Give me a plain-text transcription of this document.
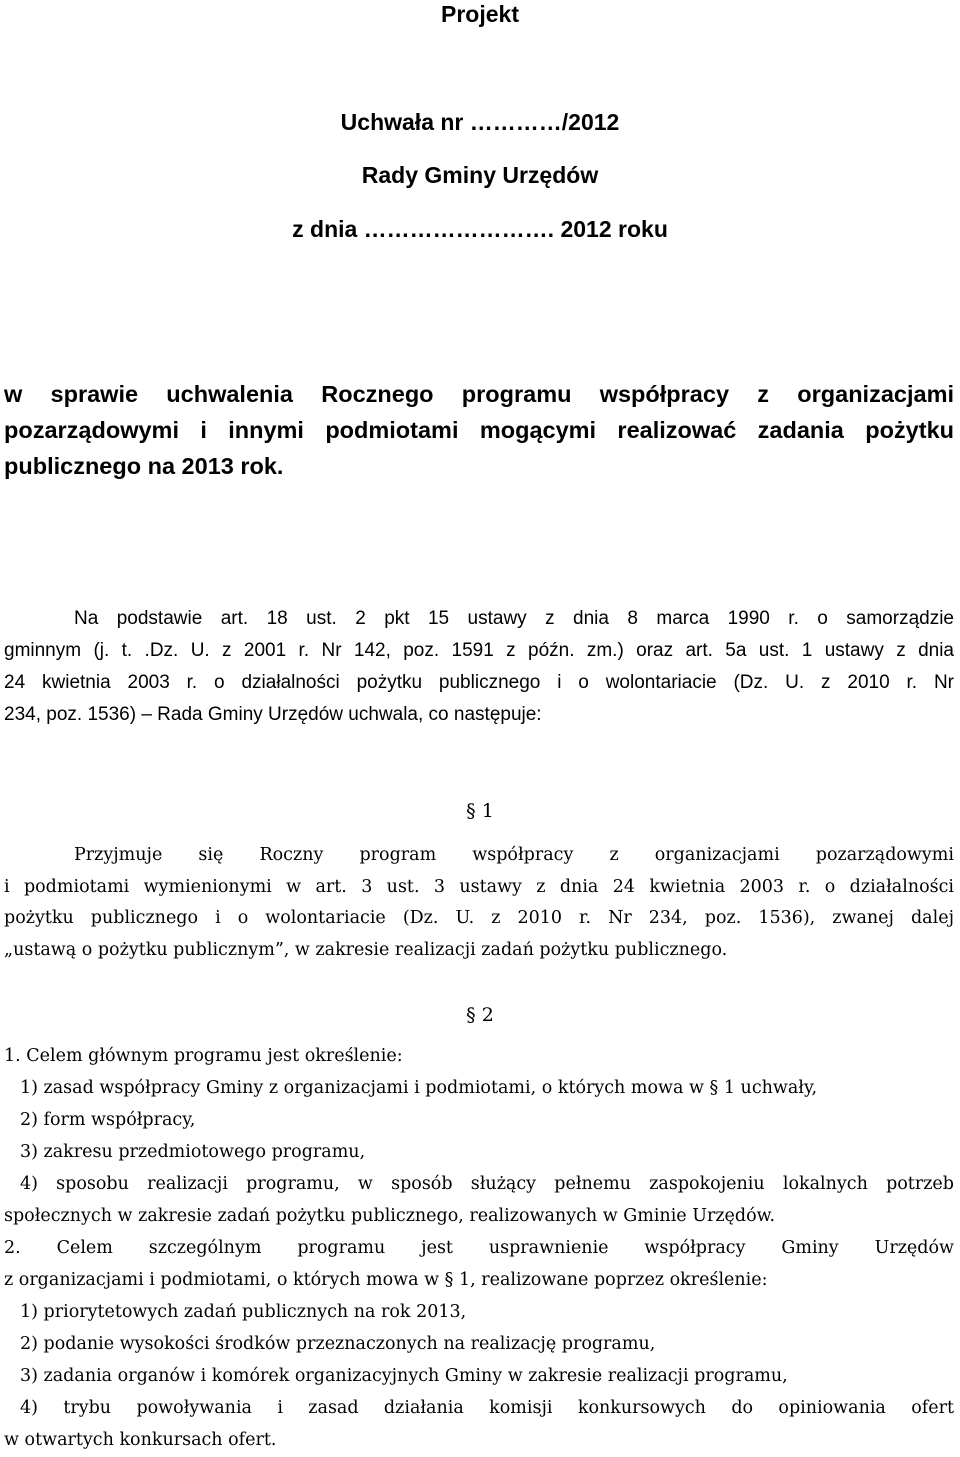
Projekt
Uchwała nr …………/2012
Rady Gminy Urzędów
z dnia ……………………. 2012 roku
w sprawie uchwalenia Rocznego programu współpracy z organizacjami
pozarządowymi i innymi podmiotami mogącymi realizować zadania pożytku
publicznego na 2013 rok.
Na podstawie art. 18 ust. 2 pkt 15 ustawy z dnia 8 marca 1990 r. o samorządzie
gminnym (j. t. .Dz. U. z 2001 r. Nr 142, poz. 1591 z późn. zm.) oraz art. 5a ust. 1 ustawy z dnia
24 kwietnia 2003 r. o działalności pożytku publicznego i o wolontariacie (Dz. U. z 2010 r. Nr
234, poz. 1536) – Rada Gminy Urzędów uchwala, co następuje:
§ 1
Przyjmuje się Roczny program współpracy z organizacjami pozarządowymi
i podmiotami wymienionymi w art. 3 ust. 3 ustawy z dnia 24 kwietnia 2003 r. o działalności
pożytku publicznego i o wolontariacie (Dz. U. z 2010 r. Nr 234, poz. 1536), zwanej dalej
„ustawą o pożytku publicznym”, w zakresie realizacji zadań pożytku publicznego.
§ 2
1. Celem głównym programu jest określenie:
1) zasad współpracy Gminy z organizacjami i podmiotami, o których mowa w § 1 uchwały,
2) form współpracy,
3) zakresu przedmiotowego programu,
4) sposobu realizacji programu, w sposób służący pełnemu zaspokojeniu lokalnych potrzeb
społecznych w zakresie zadań pożytku publicznego, realizowanych w Gminie Urzędów.
2. Celem szczególnym programu jest usprawnienie współpracy Gminy Urzędów
z organizacjami i podmiotami, o których mowa w § 1, realizowane poprzez określenie:
1) priorytetowych zadań publicznych na rok 2013,
2) podanie wysokości środków przeznaczonych na realizację programu,
3) zadania organów i komórek organizacyjnych Gminy w zakresie realizacji programu,
4) trybu powoływania i zasad działania komisji konkursowych do opiniowania ofert
w otwartych konkursach ofert.
